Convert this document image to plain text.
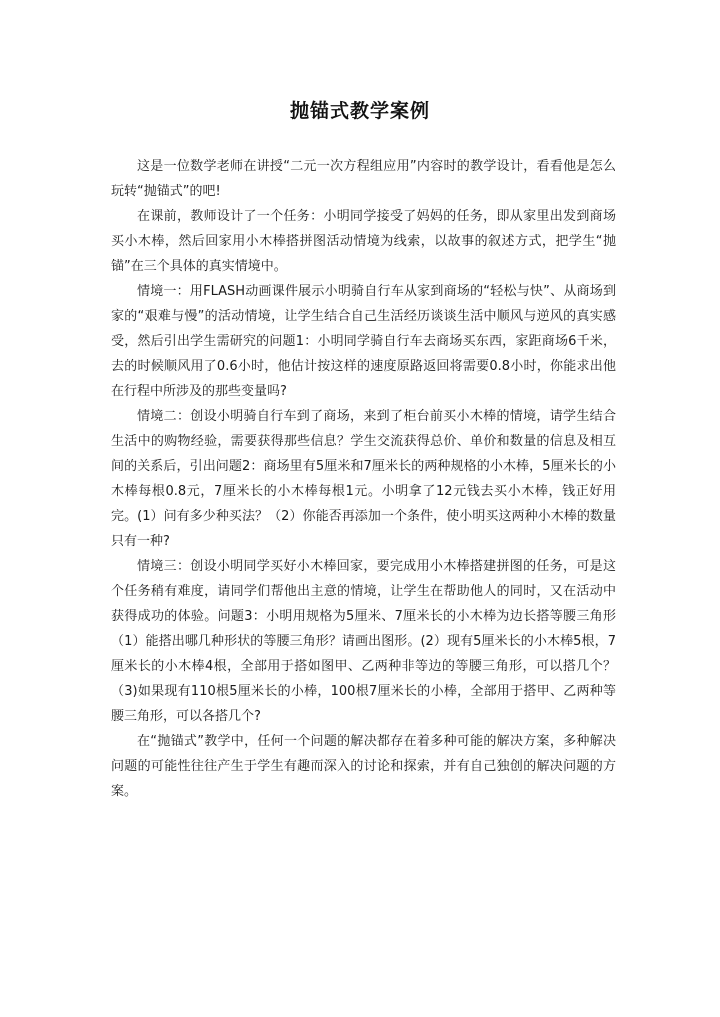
抛锚式教学案例

这是一位数学老师在讲授“二元一次方程组应用”内容时的教学设计，看看他是怎么玩转“抛锚式”的吧!

在课前，教师设计了一个任务：小明同学接受了妈妈的任务，即从家里出发到商场买小木棒，然后回家用小木棒搭拼图活动情境为线索，以故事的叙述方式，把学生“抛锚”在三个具体的真实情境中。

情境一：用FLASH动画课件展示小明骑自行车从家到商场的“轻松与快”、从商场到家的“艰难与慢”的活动情境，让学生结合自己生活经历谈谈生活中顺风与逆风的真实感受，然后引出学生需研究的问题1：小明同学骑自行车去商场买东西，家距商场6千米，去的时候顺风用了0.6小时，他估计按这样的速度原路返回将需要0.8小时，你能求出他在行程中所涉及的那些变量吗?

情境二：创设小明骑自行车到了商场，来到了柜台前买小木棒的情境，请学生结合生活中的购物经验，需要获得那些信息？学生交流获得总价、单价和数量的信息及相互间的关系后，引出问题2：商场里有5厘米和7厘米长的两种规格的小木棒，5厘米长的小木棒每根0.8元，7厘米长的小木棒每根1元。小明拿了12元钱去买小木棒，钱正好用完。(1）问有多少种买法？（2）你能否再添加一个条件，使小明买这两种小木棒的数量只有一种?

情境三：创设小明同学买好小木棒回家，要完成用小木棒搭建拼图的任务，可是这个任务稍有难度，请同学们帮他出主意的情境，让学生在帮助他人的同时，又在活动中获得成功的体验。问题3：小明用规格为5厘米、7厘米长的小木棒为边长搭等腰三角形（1）能搭出哪几种形状的等腰三角形？请画出图形。(2）现有5厘米长的小木棒5根，7厘米长的小木棒4根，全部用于搭如图甲、乙两种非等边的等腰三角形，可以搭几个？（3)如果现有110根5厘米长的小棒，100根7厘米长的小棒，全部用于搭甲、乙两种等腰三角形，可以各搭几个?

在“抛锚式”教学中，任何一个问题的解决都存在着多种可能的解决方案，多种解决问题的可能性往往产生于学生有趣而深入的讨论和探索，并有自己独创的解决问题的方案。
